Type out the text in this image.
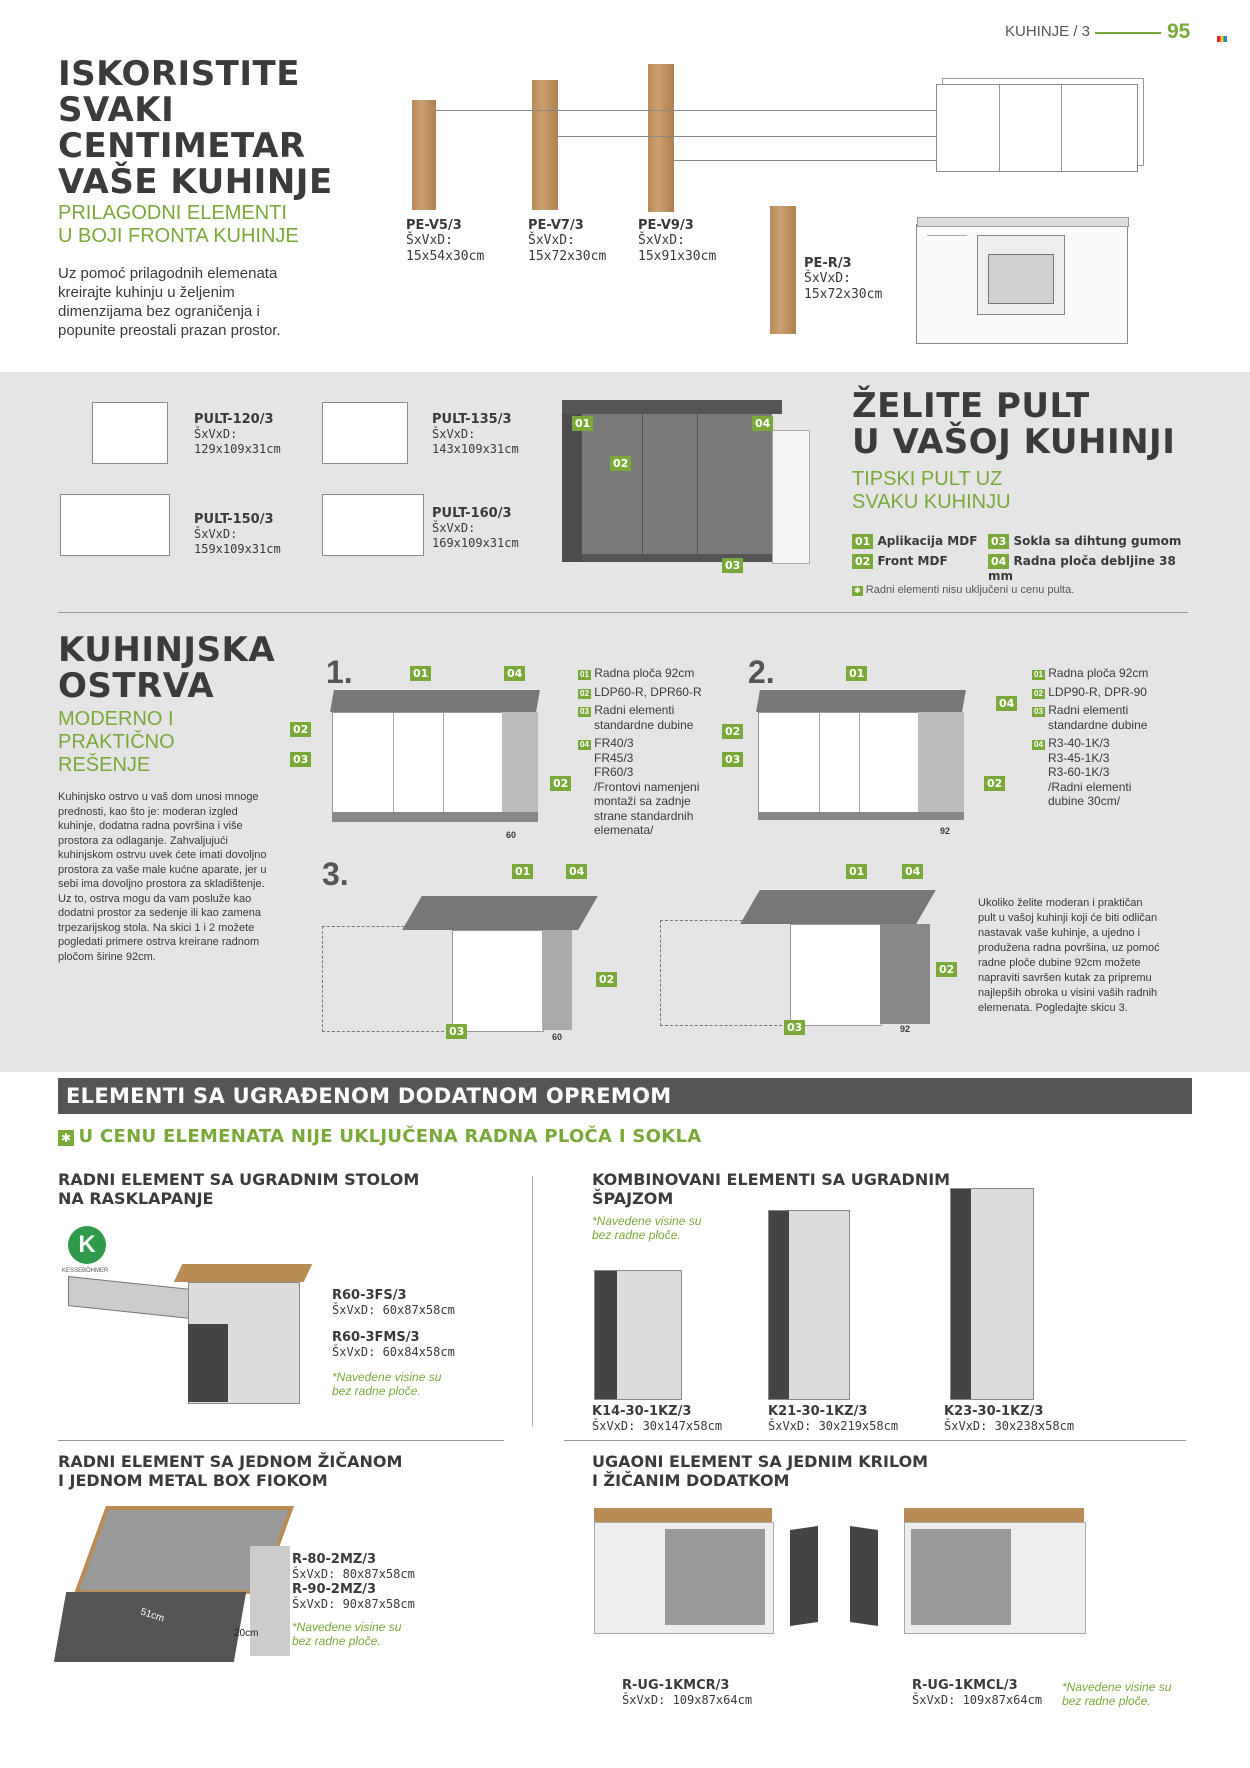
KUHINJE / 3	95
ISKORISTITE
SVAKI
CENTIMETAR
VAŠE KUHINJE
PRILAGODNI ELEMENTI
U BOJI FRONTA KUHINJE
Uz pomoć prilagodnih elemenata
kreirajte kuhinju u željenim
dimenzijama bez ograničenja i
popunite preostali prazan prostor.
PE-V5/3
ŠxVxD:
15x54x30cm
PE-V7/3
ŠxVxD:
15x72x30cm
PE-V9/3
ŠxVxD:
15x91x30cm	PE-R/3
ŠxVxD:
15x72x30cm
PULT-120/3
ŠxVxD:
129x109x31cm
PULT-135/3
ŠxVxD:
143x109x31cm
PULT-150/3
ŠxVxD:
159x109x31cm
PULT-160/3
ŠxVxD:
169x109x31cm
01
02
03
04 ŽELITE PULT
U VAŠOJ KUHINJI
TIPSKI PULT UZ
SVAKU KUHINJU
01 Aplikacija MDF 03 Sokla sa dihtung gumom
02 Front MDF	04 Radna ploča debljine 38 mm
✱ Radni elementi nisu uključeni u cenu pulta.
KUHINJSKA
OSTRVA
MODERNO I
PRAKTIČNO
REŠENJE
Kuhinjsko ostrvo u vaš dom unosi mnoge
prednosti, kao što je: moderan izgled
kuhinje, dodatna radna površina i više
prostora za odlaganje. Zahvaljujući
kuhinjskom ostrvu uvek ćete imati dovoljno
prostora za vaše male kućne aparate, jer u
sebi ima dovoljno prostora za skladištenje.
Uz to, ostrva mogu da vam posluže kao
dodatni prostor za sedenje ili kao zamena
trpezarijskog stola. Na skici 1 i 2 možete
pogledati primere ostrva kreirane radnom
pločom širine 92cm.
1.	01	04
02
03
02
60
01 Radna ploča 92cm
02 LDP60-R, DPR60-R
03 Radni elementi
standardne dubine
04 FR40/3
FR45/3
FR60/3
/Frontovi namenjeni
montaži sa zadnje
strane standardnih
elemenata/
2.	01
04
02
03
02
92
01 Radna ploča 92cm
02 LDP90-R, DPR-90
03 Radni elementi
standardne dubine
04 R3-40-1K/3
R3-45-1K/3
R3-60-1K/3
/Radni elementi
dubine 30cm/
3.	01	04
02
03	60
01	04
02
03	92
Ukoliko želite moderan i praktičan
pult u vašoj kuhinji koji će biti odličan
nastavak vaše kuhinje, a ujedno i
produžena radna površina, uz pomoć
radne ploče dubine 92cm možete
napraviti savršen kutak za pripremu
najlepših obroka u visini vaših radnih
elemenata. Pogledajte skicu 3.
ELEMENTI SA UGRAĐENOM DODATNOM OPREMOM
✱ U CENU ELEMENATA NIJE UKLJUČENA RADNA PLOČA I SOKLA
RADNI ELEMENT SA UGRADNIM STOLOM
NA RASKLAPANJE
K
KESSEBÖHMER
R60-3FS/3
ŠxVxD: 60x87x58cm
R60-3FMS/3
ŠxVxD: 60x84x58cm
*Navedene visine su
bez radne ploče.
KOMBINOVANI ELEMENTI SA UGRADNIM
ŠPAJZOM
*Navedene visine su
bez radne ploče.
K14-30-1KZ/3
ŠxVxD: 30x147x58cm
K21-30-1KZ/3
ŠxVxD: 30x219x58cm
K23-30-1KZ/3
ŠxVxD: 30x238x58cm
RADNI ELEMENT SA JEDNOM ŽIČANOM
I JEDNOM METAL BOX FIOKOM
51cm
20cm
R-80-2MZ/3
ŠxVxD: 80x87x58cm
R-90-2MZ/3
ŠxVxD: 90x87x58cm
*Navedene visine su
bez radne ploče.
UGAONI ELEMENT SA JEDNIM KRILOM
I ŽIČANIM DODATKOM
R-UG-1KMCR/3
ŠxVxD: 109x87x64cm
R-UG-1KMCL/3
ŠxVxD: 109x87x64cm
*Navedene visine su
bez radne ploče.
